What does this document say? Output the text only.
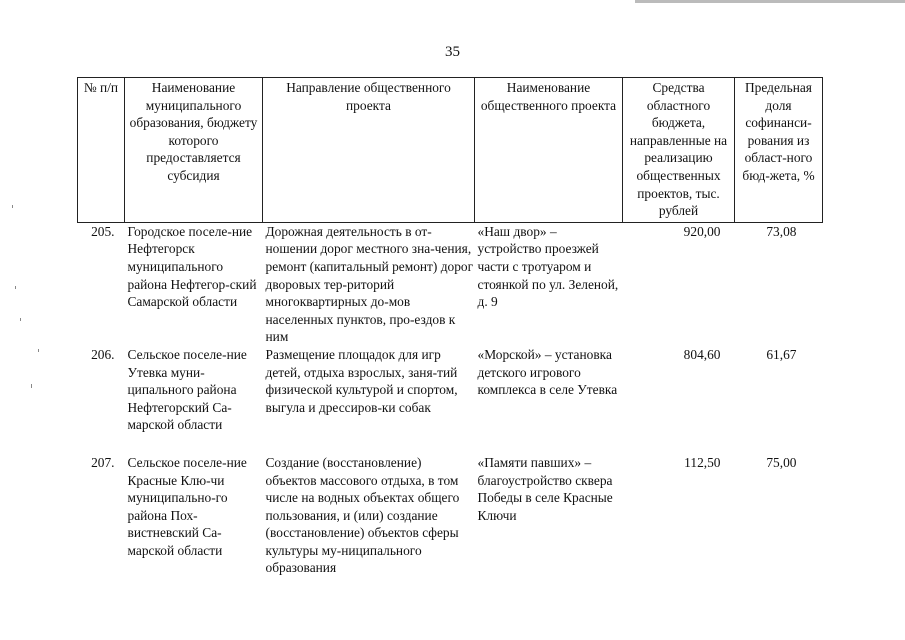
35
№ п/п	Наименование муниципального образования, бюджету которого предоставляется субсидия	Направление общественного проекта	Наименование общественного проекта	Средства областного бюджета, направленные на реализацию общественных проектов, тыс. рублей	Предельная доля софинанси-рования из област-ного бюд-жета, %
205.	Городское поселе-ние Нефтегорск муниципального района Нефтегор-ский Самарской области	Дорожная деятельность в от-ношении дорог местного зна-чения, ремонт (капитальный ремонт) дорог дворовых тер-риторий многоквартирных до-мов населенных пунктов, про-ездов к ним	«Наш двор» – устройство проезжей части с тротуаром и стоянкой по ул. Зеленой, д. 9	920,00	73,08
206.	Сельское поселе-ние Утевка муни-ципального района Нефтегорский Са-марской области	Размещение площадок для игр детей, отдыха взрослых, заня-тий физической культурой и спортом, выгула и дрессиров-ки собак	«Морской» – установка детского игрового комплекса в селе Утевка	804,60	61,67
207.	Сельское поселе-ние Красные Клю-чи муниципально-го района Пох-вистневский Са-марской области	Создание (восстановление) объектов массового отдыха, в том числе на водных объектах общего пользования, и (или) создание (восстановление) объектов сферы культуры му-ниципального образования	«Памяти павших» – благоустройство сквера Победы в селе Красные Ключи	112,50	75,00
